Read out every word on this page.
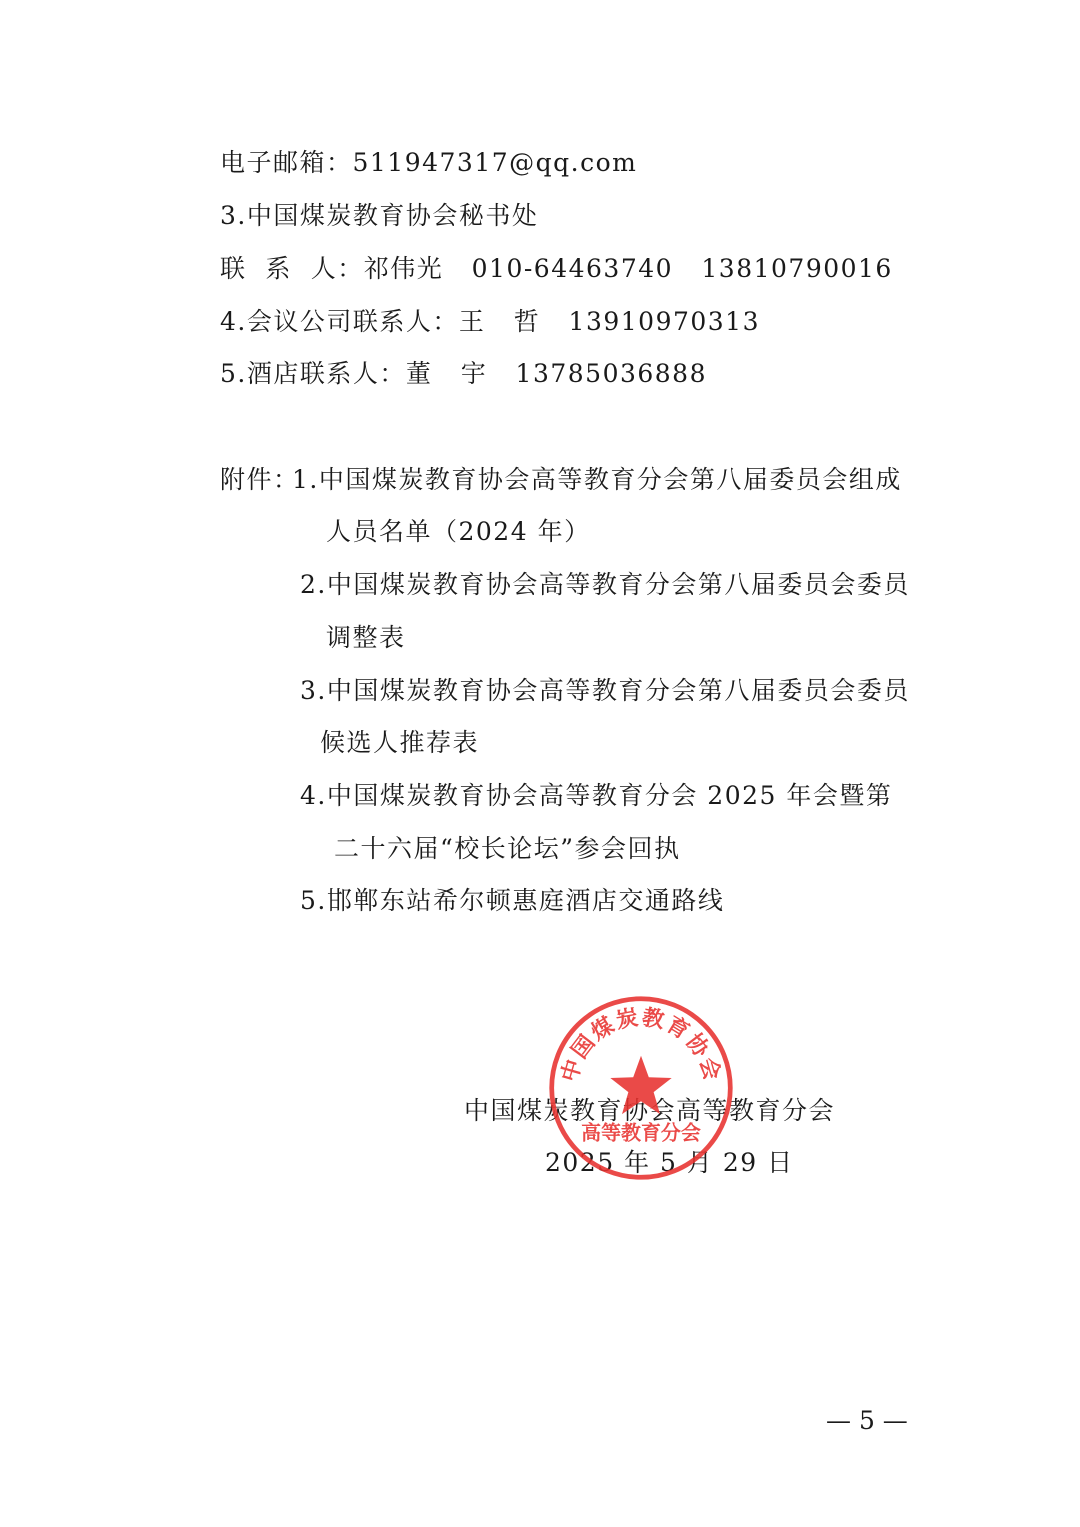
电子邮箱：511947317@qq.com
3.中国煤炭教育协会秘书处
联  系  人：祁伟光   010-64463740   13810790016
4.会议公司联系人：王   哲   13910970313
5.酒店联系人：董   宇   13785036888
附件：
1.中国煤炭教育协会高等教育分会第八届委员会组成
人员名单（2024 年）
2.中国煤炭教育协会高等教育分会第八届委员会委员
调整表
3.中国煤炭教育协会高等教育分会第八届委员会委员
候选人推荐表
4.中国煤炭教育协会高等教育分会 2025 年会暨第
二十六届“校长论坛”参会回执
5.邯郸东站希尔顿惠庭酒店交通路线
中国煤炭教育协会高等教育分会
2025 年 5 月 29 日
中国煤炭教育协会
高等教育分会
— 5 —
